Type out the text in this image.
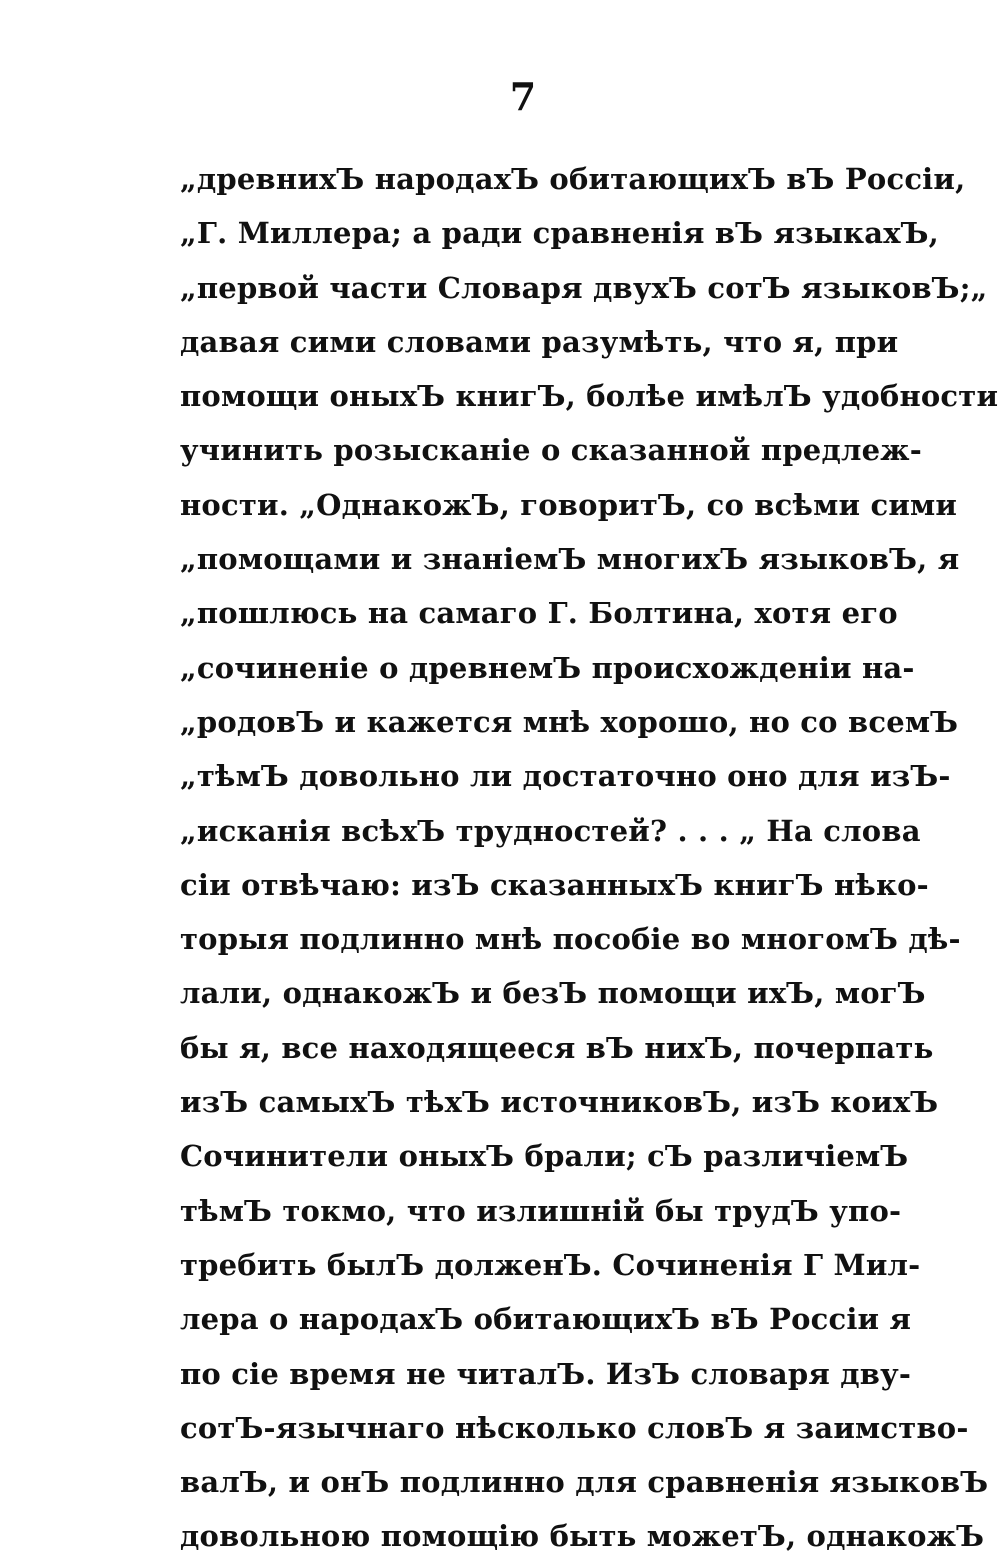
7
„древнихЪ народахЪ обитающихЪ вЪ Россіи,
„Г. Миллера; а ради сравненія вЪ языкахЪ,
„первой части Словаря двухЪ сотЪ языковЪ;„
давая сими словами разумѣть, что я, при
помощи оныхЪ книгЪ, болѣе имѣлЪ удобности
учинить розысканіе о сказанной предлеж-
ности. „ОднакожЪ, говоритЪ, со всѣми сими
„помощами и знаніемЪ многихЪ языковЪ, я
„пошлюсь на самаго Г. Болтина, хотя его
„сочиненіе о древнемЪ происхожденіи на-
„родовЪ и кажется мнѣ хорошо, но со всемЪ
„тѣмЪ довольно ли достаточно оно для изЪ-
„исканія всѣхЪ трудностей? . . . „ На слова
сіи отвѣчаю: изЪ сказанныхЪ книгЪ нѣко-
торыя подлинно мнѣ пособіе во многомЪ дѣ-
лали, однакожЪ и безЪ помощи ихЪ, могЪ
бы я, все находящееся вЪ нихЪ, почерпать
изЪ самыхЪ тѣхЪ источниковЪ, изЪ коихЪ
Сочинители оныхЪ брали; сЪ различіемЪ
тѣмЪ токмо, что излишній бы трудЪ упо-
требить былЪ долженЪ. Сочиненія Г Мил-
лера о народахЪ обитающихЪ вЪ Россіи я
по сіе время не читалЪ. ИзЪ словаря дву-
сотЪ-язычнаго нѣсколько словЪ я заимство-
валЪ, и онЪ подлинно для сравненія языковЪ
довольною помощію быть можетЪ, однакожЪ
